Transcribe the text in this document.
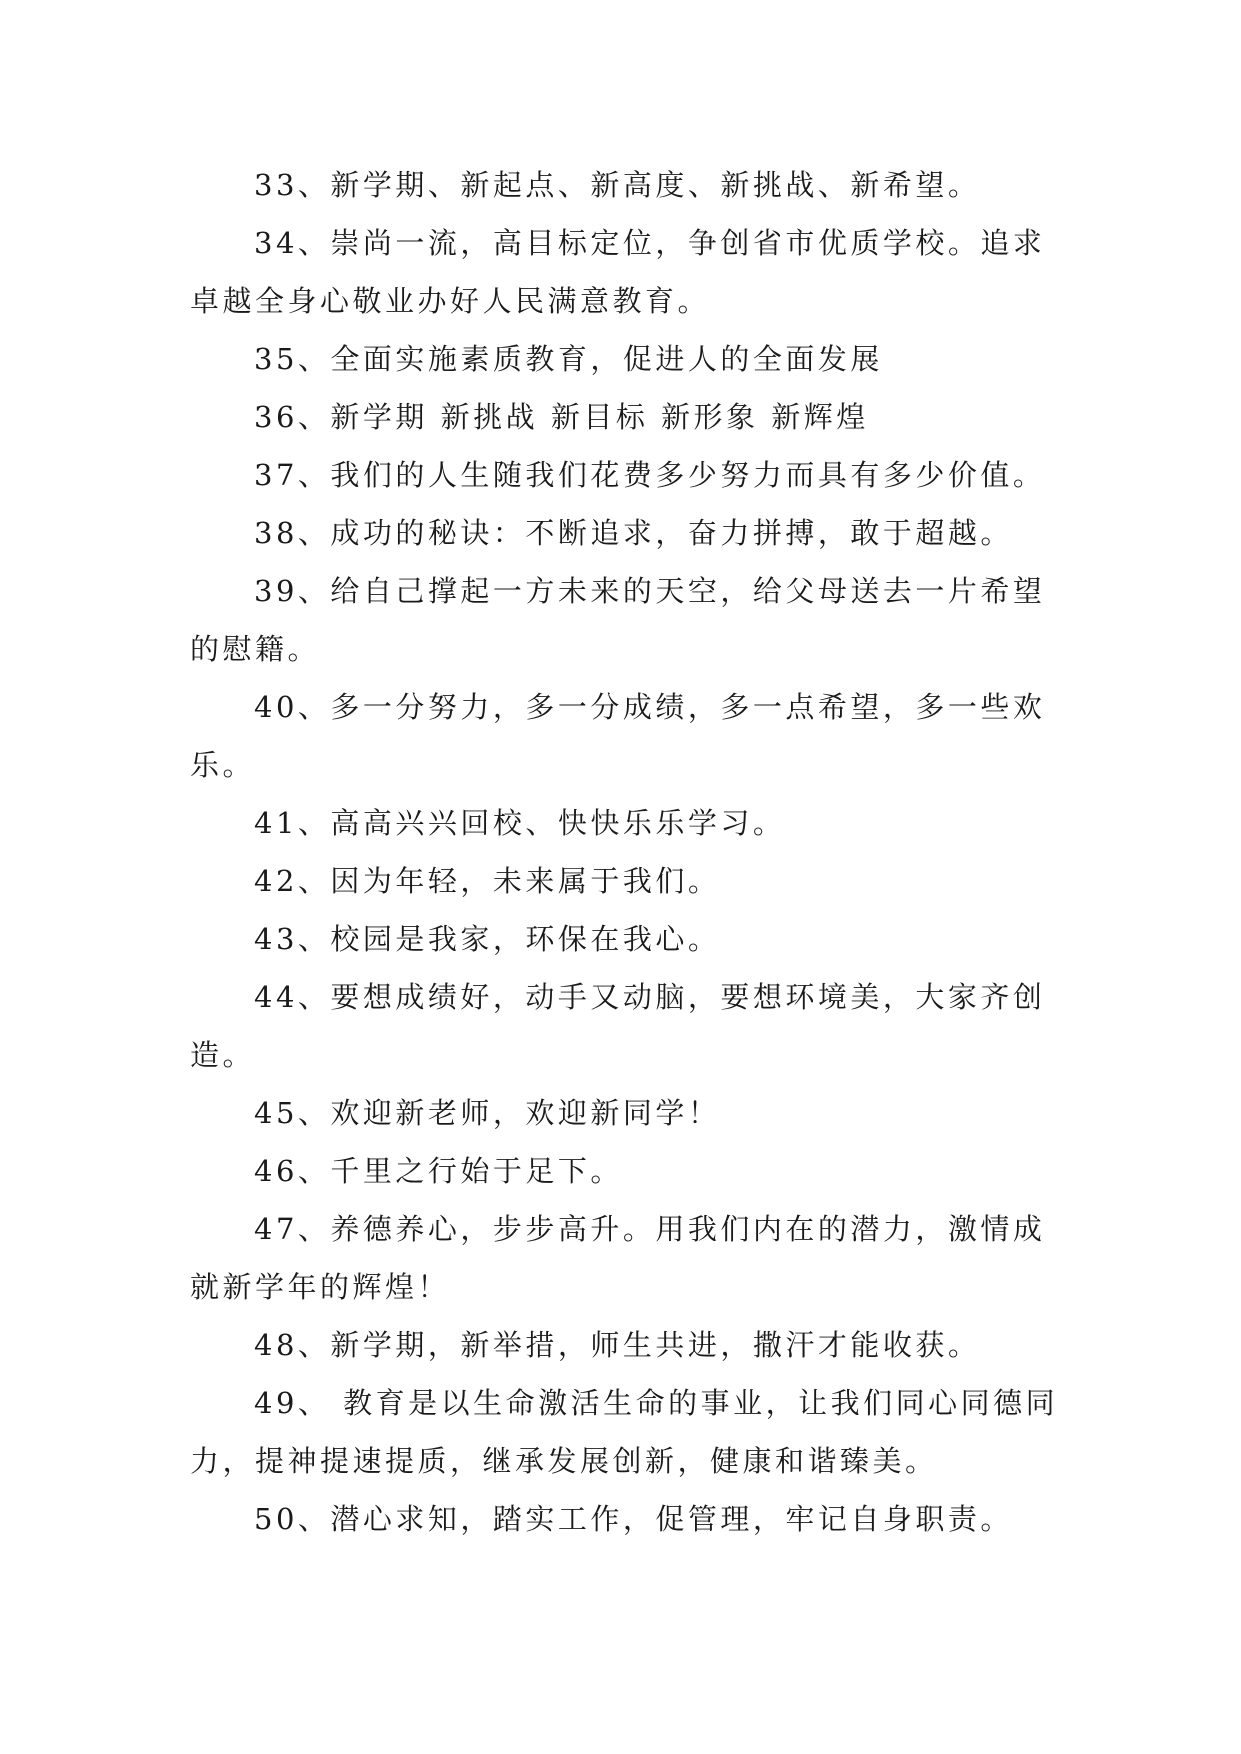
33、新学期、新起点、新高度、新挑战、新希望。

34、崇尚一流，高目标定位，争创省市优质学校。追求卓越全身心敬业办好人民满意教育。

35、全面实施素质教育，促进人的全面发展

36、新学期 新挑战 新目标 新形象 新辉煌

37、我们的人生随我们花费多少努力而具有多少价值。

38、成功的秘诀：不断追求，奋力拼搏，敢于超越。

39、给自己撑起一方未来的天空，给父母送去一片希望的慰籍。

40、多一分努力，多一分成绩，多一点希望，多一些欢乐。

41、高高兴兴回校、快快乐乐学习。

42、因为年轻，未来属于我们。

43、校园是我家，环保在我心。

44、要想成绩好，动手又动脑，要想环境美，大家齐创造。

45、欢迎新老师，欢迎新同学！

46、千里之行始于足下。

47、养德养心，步步高升。用我们内在的潜力，激情成就新学年的辉煌！

48、新学期，新举措，师生共进，撒汗才能收获。

49、 教育是以生命激活生命的事业，让我们同心同德同力，提神提速提质，继承发展创新，健康和谐臻美。

50、潜心求知，踏实工作，促管理，牢记自身职责。
